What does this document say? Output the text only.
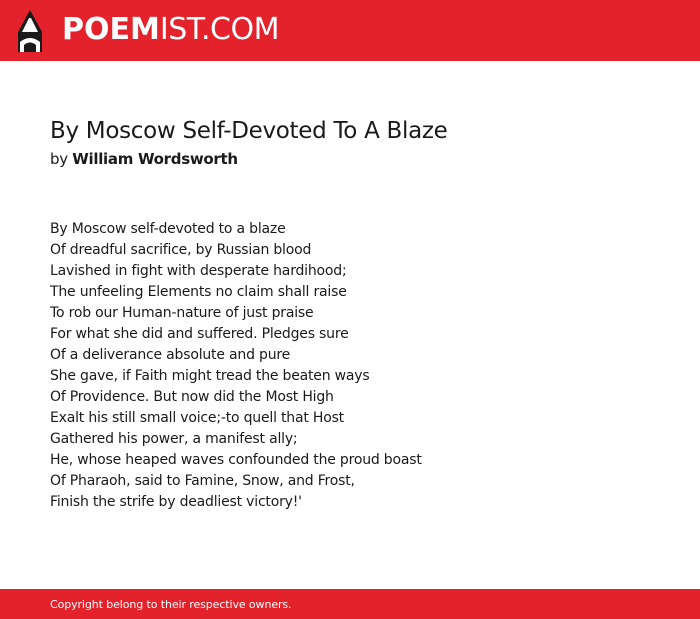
POEMIST.COM
By Moscow Self-Devoted To A Blaze
by William Wordsworth
By Moscow self-devoted to a blaze
Of dreadful sacrifice, by Russian blood
Lavished in fight with desperate hardihood;
The unfeeling Elements no claim shall raise
To rob our Human-nature of just praise
For what she did and suffered. Pledges sure
Of a deliverance absolute and pure
She gave, if Faith might tread the beaten ways
Of Providence. But now did the Most High
Exalt his still small voice;-to quell that Host
Gathered his power, a manifest ally;
He, whose heaped waves confounded the proud boast
Of Pharaoh, said to Famine, Snow, and Frost,
Finish the strife by deadliest victory!'
Copyright belong to their respective owners.
